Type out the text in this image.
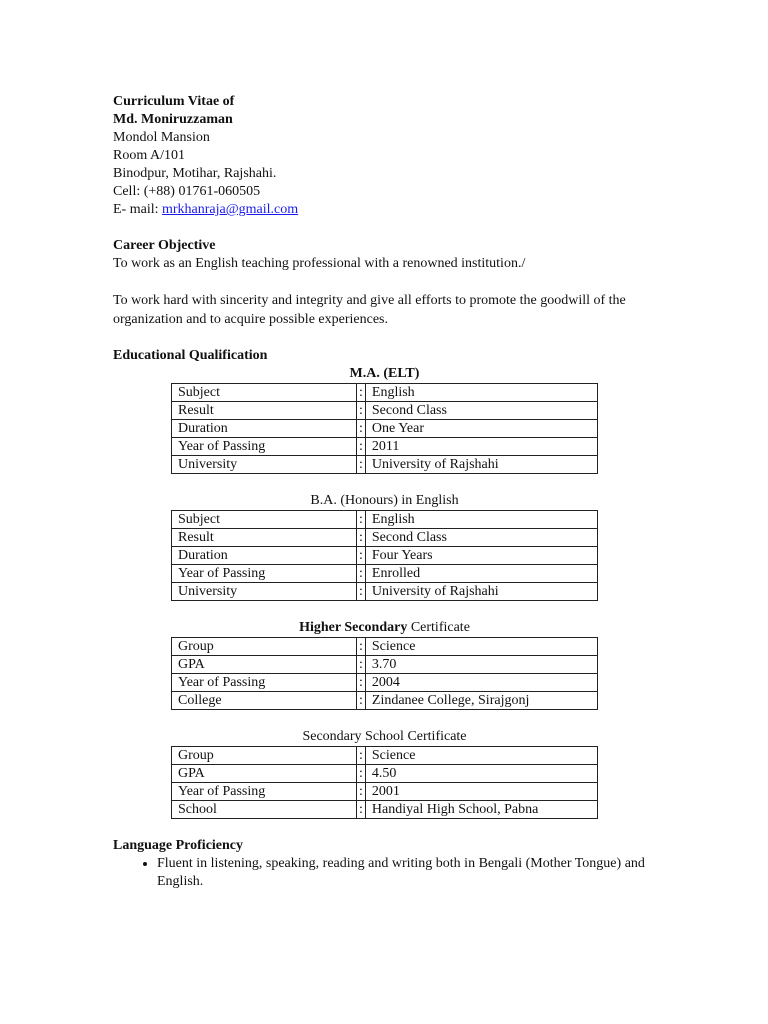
Curriculum Vitae of
Md. Moniruzzaman
Mondol Mansion
Room A/101
Binodpur, Motihar, Rajshahi.
Cell: (+88) 01761-060505
E- mail: mrkhanraja@gmail.com
Career Objective
To work as an English teaching professional with a renowned institution./
To work hard with sincerity and integrity and give all efforts to promote the goodwill of the organization and to acquire possible experiences.
Educational Qualification
M.A. (ELT)
Subject	:	English
Result	:	Second Class
Duration	:	One Year
Year of Passing	:	2011
University	:	University of Rajshahi
B.A. (Honours) in English
Subject	:	English
Result	:	Second Class
Duration	:	Four Years
Year of Passing	:	Enrolled
University	:	University of Rajshahi
Higher Secondary Certificate
Group	:	Science
GPA	:	3.70
Year of Passing	:	2004
College	:	Zindanee College, Sirajgonj
Secondary School Certificate
Group	:	Science
GPA	:	4.50
Year of Passing	:	2001
School	:	Handiyal High School, Pabna
Language Proficiency
• Fluent in listening, speaking, reading and writing both in Bengali (Mother Tongue) and English.
